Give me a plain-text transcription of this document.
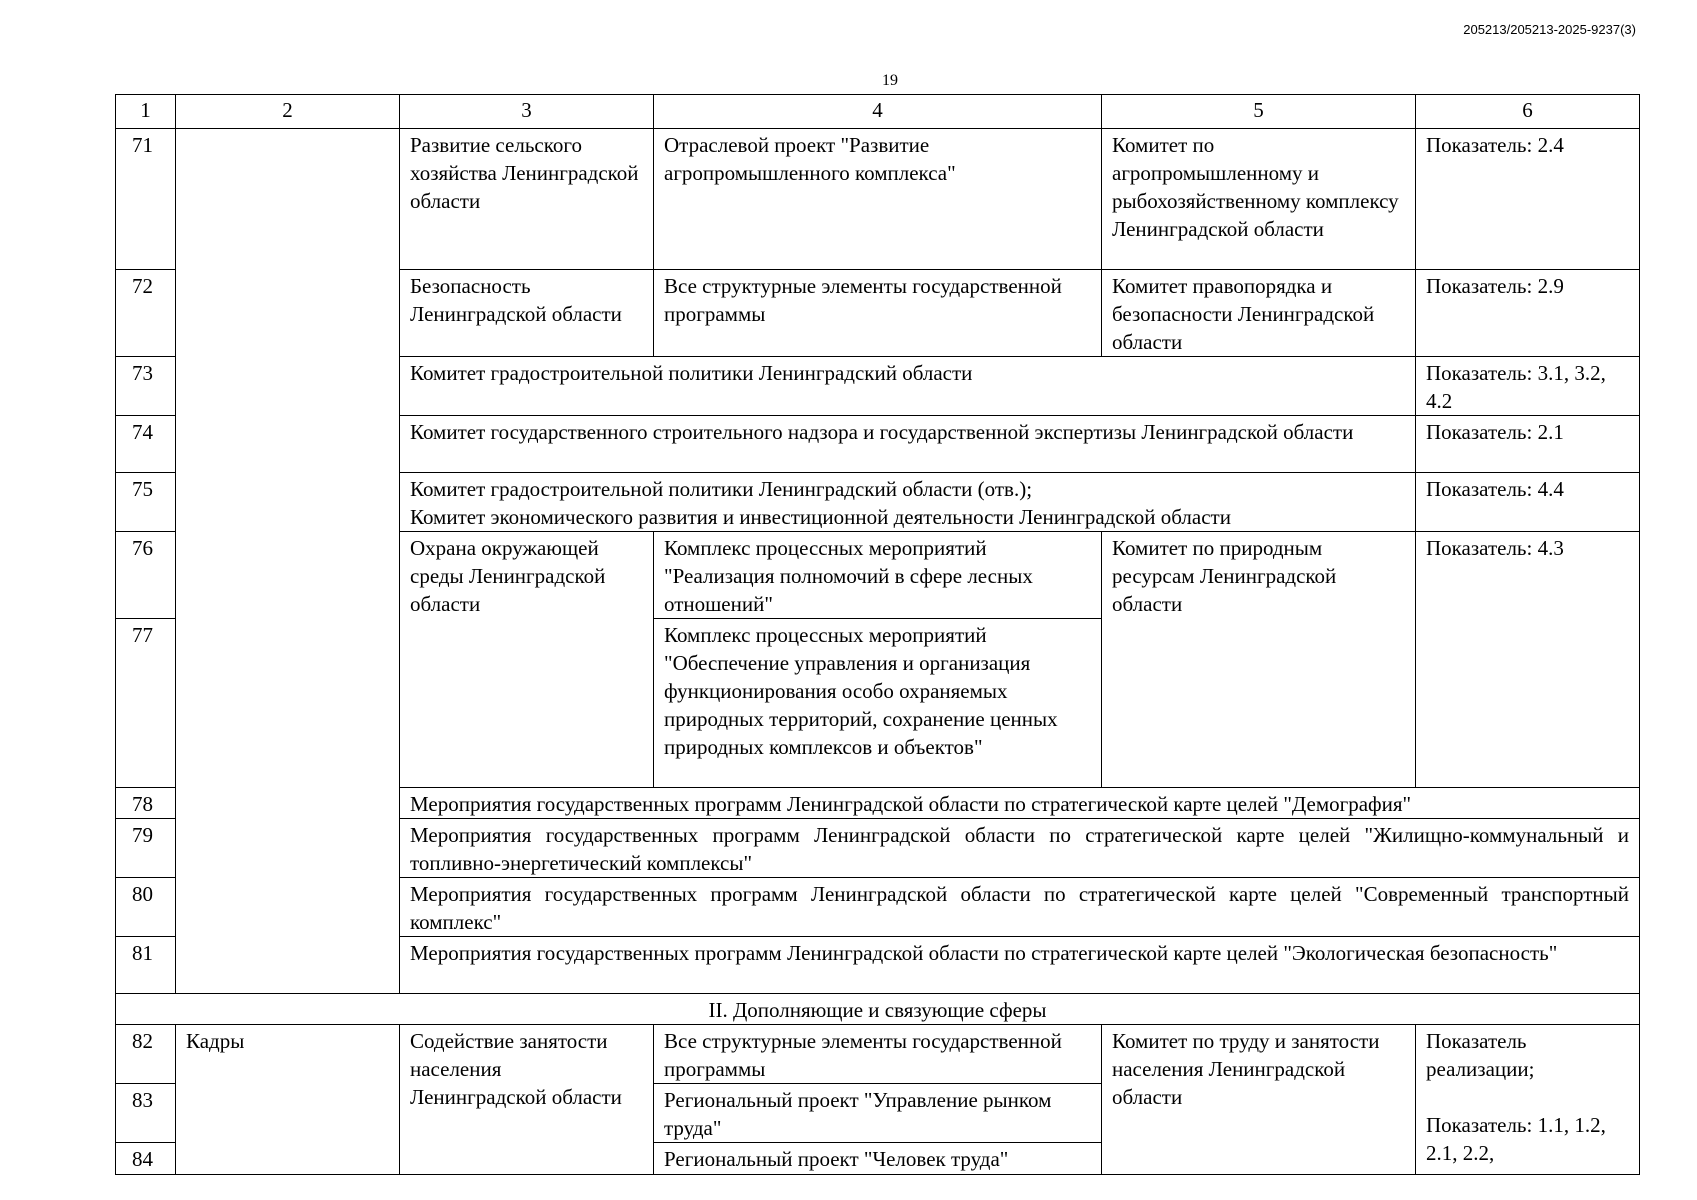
205213/205213-2025-9237(3)
19
1	2	3	4	5	6
71		Развитие сельского хозяйства Ленинградской области	Отраслевой проект "Развитие агропромышленного комплекса"	Комитет по агропромышленному и рыбохозяйственному комплексу Ленинградской области	Показатель: 2.4
72		Безопасность Ленинградской области	Все структурные элементы государственной программы	Комитет правопорядка и безопасности Ленинградской области	Показатель: 2.9
73		Комитет градостроительной политики Ленинградский области			Показатель: 3.1, 3.2, 4.2
74		Комитет государственного строительного надзора и государственной экспертизы Ленинградской области			Показатель: 2.1
75		Комитет градостроительной политики Ленинградский области (отв.);
Комитет экономического развития и инвестиционной деятельности Ленинградской области			Показатель: 4.4
76		Охрана окружающей среды Ленинградской области	Комплекс процессных мероприятий "Реализация полномочий в сфере лесных отношений"	Комитет по природным ресурсам Ленинградской области	Показатель: 4.3
77			Комплекс процессных мероприятий "Обеспечение управления и организация функционирования особо охраняемых природных территорий, сохранение ценных природных комплексов и объектов"		
78		Мероприятия государственных программ Ленинградской области по стратегической карте целей "Демография"			
79		Мероприятия государственных программ Ленинградской области по стратегической карте целей "Жилищно-коммунальный и топливно-энергетический комплексы"			
80		Мероприятия государственных программ Ленинградской области по стратегической карте целей "Современный транспортный комплекс"			
81		Мероприятия государственных программ Ленинградской области по стратегической карте целей "Экологическая безопасность"			
II. Дополняющие и связующие сферы					
82	Кадры	Содействие занятости населения Ленинградской области	Все структурные элементы государственной программы	Комитет по труду и занятости населения Ленинградской области	Показатель реализации;
Показатель: 1.1, 1.2, 2.1, 2.2,

83			Региональный проект "Управление рынком труда"		
84			Региональный проект "Человек труда"		
